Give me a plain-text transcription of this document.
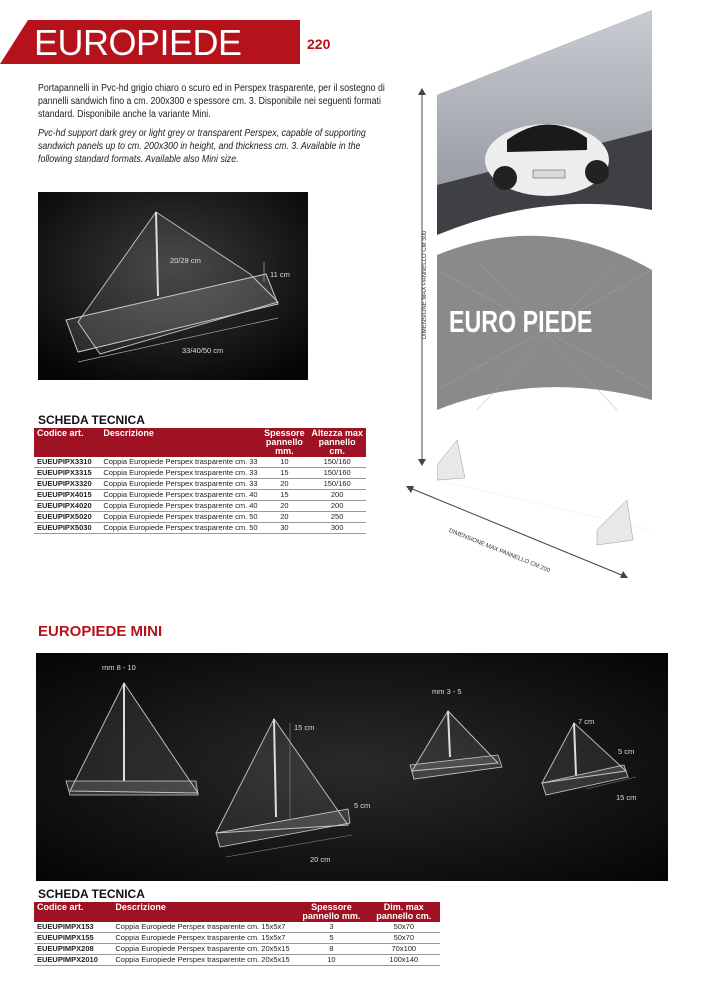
EUROPIEDE	220

Portapannelli in Pvc-hd grigio chiaro o scuro ed in Perspex trasparente, per il sostegno di pannelli sandwich fino a cm. 200x300 e spessore cm. 3. Disponibile nei seguenti formati standard. Disponibile anche la variante Mini.

Pvc-hd support dark grey or light grey or transparent Perspex, capable of supporting sandwich panels up to cm. 200x300 in height, and thickness cm. 3. Available in the following standard formats. Available also Mini size.

20/28 cm
11 cm
33/40/50 cm
EURO PIEDE
DIMENSIONE MAX PANNELLO CM 300
DIMENSIONE MAX PANNELLO CM 200
SCHEDA TECNICA
Codice art.	Descrizione	Spessore pannello mm.	Altezza max pannello cm.
EUEUPIPX3310	Coppia Europiede Perspex trasparente cm. 33	10	150/160
EUEUPIPX3315	Coppia Europiede Perspex trasparente cm. 33	15	150/160
EUEUPIPX3320	Coppia Europiede Perspex trasparente cm. 33	20	150/160
EUEUPIPX4015	Coppia Europiede Perspex trasparente cm. 40	15	200
EUEUPIPX4020	Coppia Europiede Perspex trasparente cm. 40	20	200
EUEUPIPX5020	Coppia Europiede Perspex trasparente cm. 50	20	250
EUEUPIPX5030	Coppia Europiede Perspex trasparente cm. 50	30	300
EUROPIEDE MINI
mm 8 - 10
15 cm
5 cm
20 cm
mm 3 - 5
7 cm
5 cm
15 cm
SCHEDA TECNICA
Codice art.	Descrizione	Spessore pannello mm.	Dim. max pannello cm.
EUEUPIMPX153	Coppia Europiede Perspex trasparente cm. 15x5x7	3	50x70
EUEUPIMPX155	Coppia Europiede Perspex trasparente cm. 15x5x7	5	50x70
EUEUPIMPX208	Coppia Europiede Perspex trasparente cm. 20x5x15	8	70x100
EUEUPIMPX2010	Coppia Europiede Perspex trasparente cm. 20x5x15	10	100x140
